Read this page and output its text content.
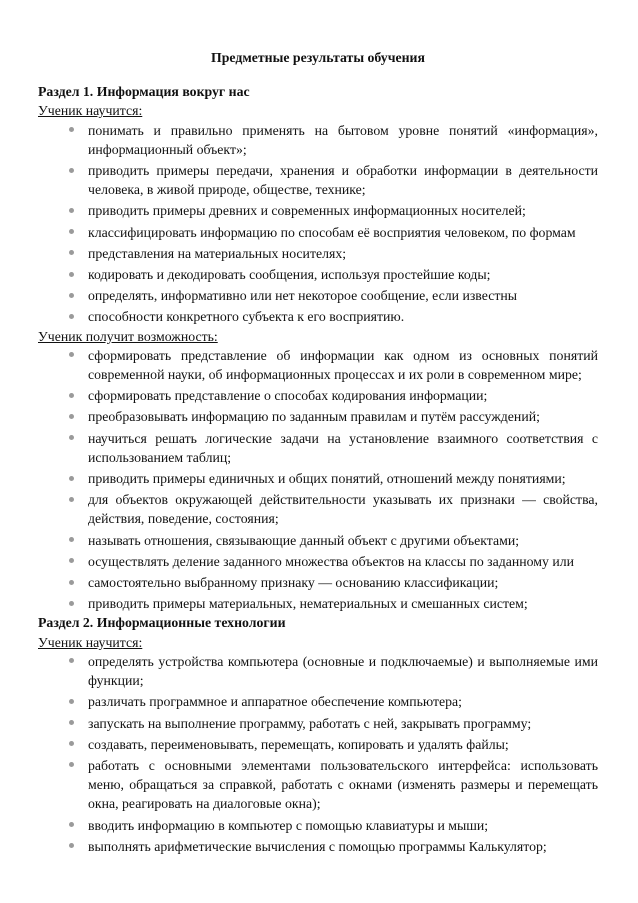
Предметные результаты обучения
Раздел 1. Информация вокруг нас
Ученик научится:
понимать и правильно применять на бытовом уровне понятий «информация», информационный объект»;
приводить примеры передачи, хранения и обработки информации в деятельности человека, в живой природе, обществе, технике;
приводить примеры древних и современных информационных носителей;
классифицировать информацию по способам её восприятия человеком, по формам
представления на материальных носителях;
кодировать и декодировать сообщения, используя простейшие коды;
определять, информативно или нет некоторое сообщение, если известны
способности конкретного субъекта к его восприятию.
Ученик получит возможность:
сформировать представление об информации как одном из основных понятий современной науки, об информационных процессах и их роли в современном мире;
сформировать представление о способах кодирования информации;
преобразовывать информацию по заданным правилам и путём рассуждений;
научиться решать логические задачи на установление взаимного соответствия с использованием таблиц;
приводить примеры единичных и общих понятий, отношений между понятиями;
для объектов окружающей действительности указывать их признаки — свойства, действия, поведение, состояния;
называть отношения, связывающие данный объект с другими объектами;
осуществлять деление заданного множества объектов на классы по заданному или
самостоятельно выбранному признаку — основанию классификации;
приводить примеры материальных, нематериальных и смешанных систем;
Раздел 2. Информационные технологии
Ученик научится:
определять устройства компьютера (основные и подключаемые) и выполняемые ими функции;
различать программное и аппаратное обеспечение компьютера;
запускать на выполнение программу, работать с ней, закрывать программу;
создавать, переименовывать, перемещать, копировать и удалять файлы;
работать с основными элементами пользовательского интерфейса: использовать меню, обращаться за справкой, работать с окнами (изменять размеры и перемещать окна, реагировать на диалоговые окна);
вводить информацию в компьютер с помощью клавиатуры и мыши;
выполнять арифметические вычисления с помощью программы Калькулятор;
